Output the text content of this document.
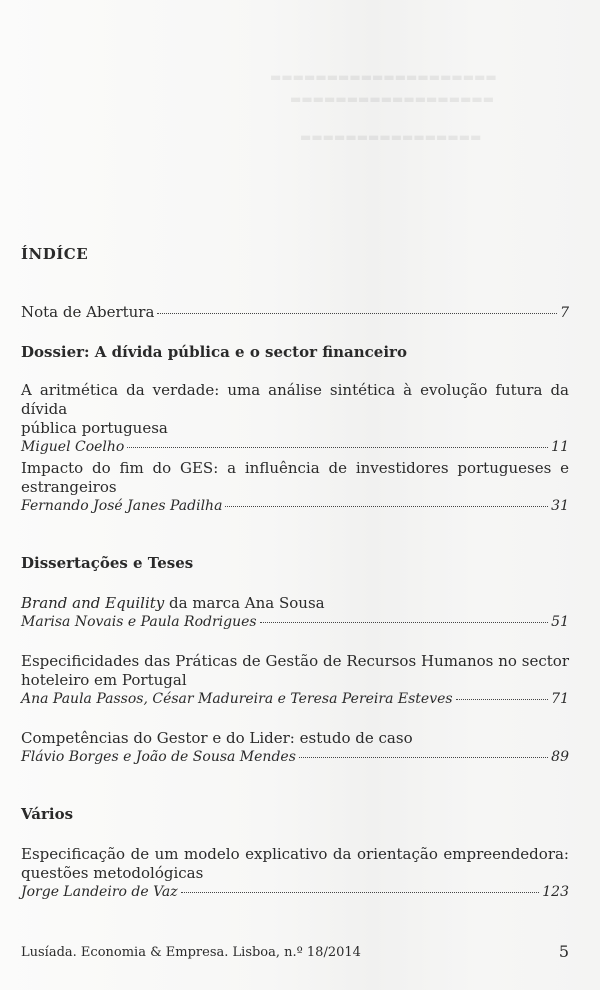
▬▬▬▬▬▬▬▬▬▬▬▬▬▬▬▬▬▬▬▬
▬▬▬▬▬▬▬▬▬▬▬▬▬▬▬▬▬▬
▬▬▬▬▬▬▬▬▬▬▬▬▬▬▬▬
ÍNDÍCE
Nota de Abertura	7
Dossier: A dívida pública e o sector financeiro
A aritmética da verdade: uma análise sintética à evolução futura da dívida
pública portuguesa
Miguel Coelho	11
Impacto do fim do GES: a influência de investidores portugueses e
estrangeiros
Fernando José Janes Padilha	31
Dissertações e Teses
Brand and Equility da marca Ana Sousa
Marisa Novais e Paula Rodrigues	51
Especificidades das Práticas de Gestão de Recursos Humanos no sector
hoteleiro em Portugal
Ana Paula Passos, César Madureira e Teresa Pereira Esteves	71
Competências do Gestor e do Lider: estudo de caso
Flávio Borges e João de Sousa Mendes	89
Vários
Especificação de um modelo explicativo da orientação empreendedora:
questões metodológicas
Jorge Landeiro de Vaz	123
Lusíada. Economia & Empresa. Lisboa, n.º 18/2014	5
